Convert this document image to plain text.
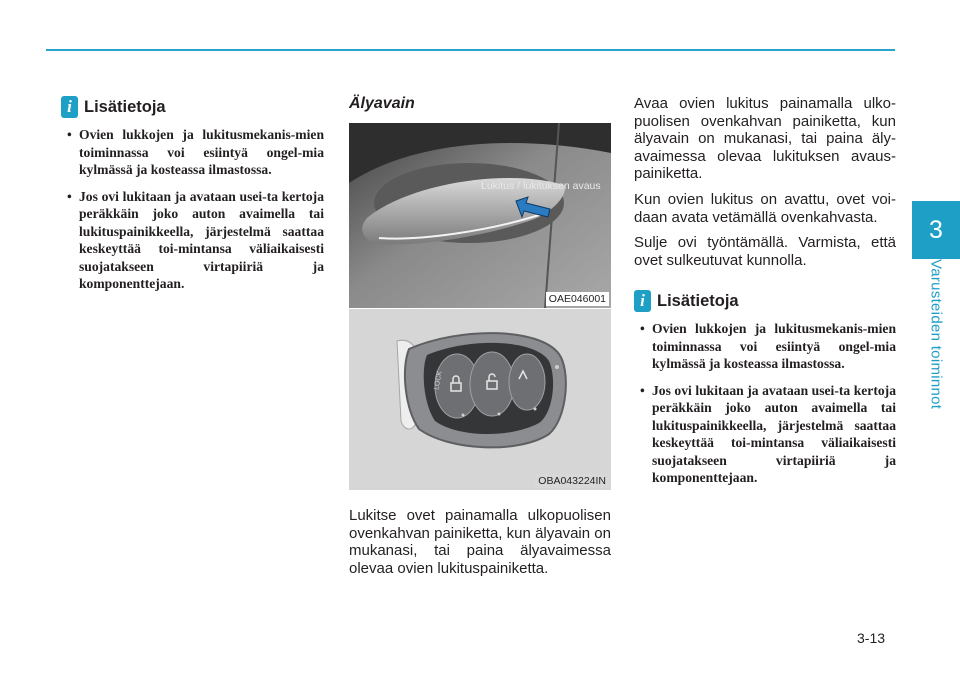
3
Varusteiden toiminnot
i Lisätietoja
• Ovien lukkojen ja lukitusmekanis-mien toiminnassa voi esiintyä ongel-mia kylmässä ja kosteassa ilmastossa.
• Jos ovi lukitaan ja avataan usei-ta kertoja peräkkäin joko auton avaimella tai lukituspainikkeella, järjestelmä saattaa keskeyttää toi-mintansa väliaikaisesti suojatakseen virtapiiriä ja komponenttejaan.
Älyavain
Lukitus / lukituksen avaus
OAE046001
LOCK
OBA043224IN

Lukitse ovet painamalla ulkopuolisen ovenkahvan painiketta, kun älyavain on mukanasi, tai paina älyavaimessa olevaa ovien lukituspainiketta.

Avaa ovien lukitus painamalla ulko-puolisen ovenkahvan painiketta, kun älyavain on mukanasi, tai paina äly-avaimessa olevaa lukituksen avaus-painiketta.

Kun ovien lukitus on avattu, ovet voi-daan avata vetämällä ovenkahvasta.

Sulje ovi työntämällä. Varmista, että ovet sulkeutuvat kunnolla.

i Lisätietoja
• Ovien lukkojen ja lukitusmekanis-mien toiminnassa voi esiintyä ongel-mia kylmässä ja kosteassa ilmastossa.
• Jos ovi lukitaan ja avataan usei-ta kertoja peräkkäin joko auton avaimella tai lukituspainikkeella, järjestelmä saattaa keskeyttää toi-mintansa väliaikaisesti suojatakseen virtapiiriä ja komponenttejaan.
3-13
